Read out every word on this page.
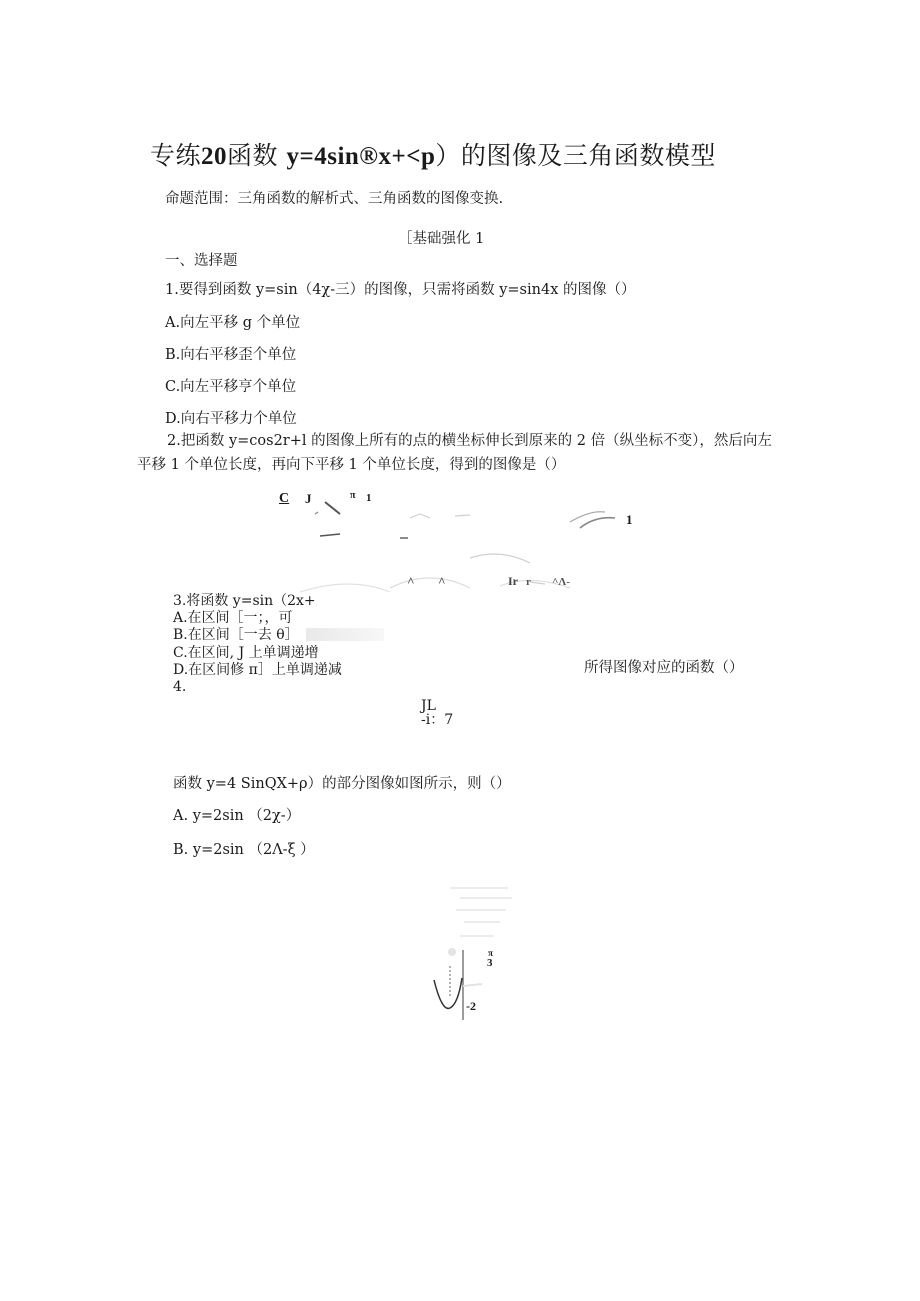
专练20函数 y=4sin®x+<p）的图像及三角函数模型
命题范围：三角函数的解析式、三角函数的图像变换.
［基础强化 1
一、选择题
1.要得到函数 y=sin（4χ-三）的图像，只需将函数 y=sin4x 的图像（）
A.向左平移 g 个单位
B.向右平移歪个单位
C.向左平移亨个单位
D.向右平移力个单位
2.把函数 y=cos2r+l 的图像上所有的点的横坐标伸长到原来的 2 倍（纵坐标不变），然后向左
平移 1 个单位长度，再向下平移 1 个单位长度，得到的图像是（）
C J	π 1
1
^ ^	Ir r ^Λ-
3.将函数 y=sin（2x+
A.在区间［一；，可
B.在区间［一去 θ］
C.在区间, J 上单调递增
D.在区间修 π］上单调递减	所得图像对应的函数（）
4.
JL
-i：7
函数 y=4 SinQX+ρ）的部分图像如图所示，则（）
A. y=2sin （2χ-）
B. y=2sin （2Λ-ξ ）
π
3
-2
